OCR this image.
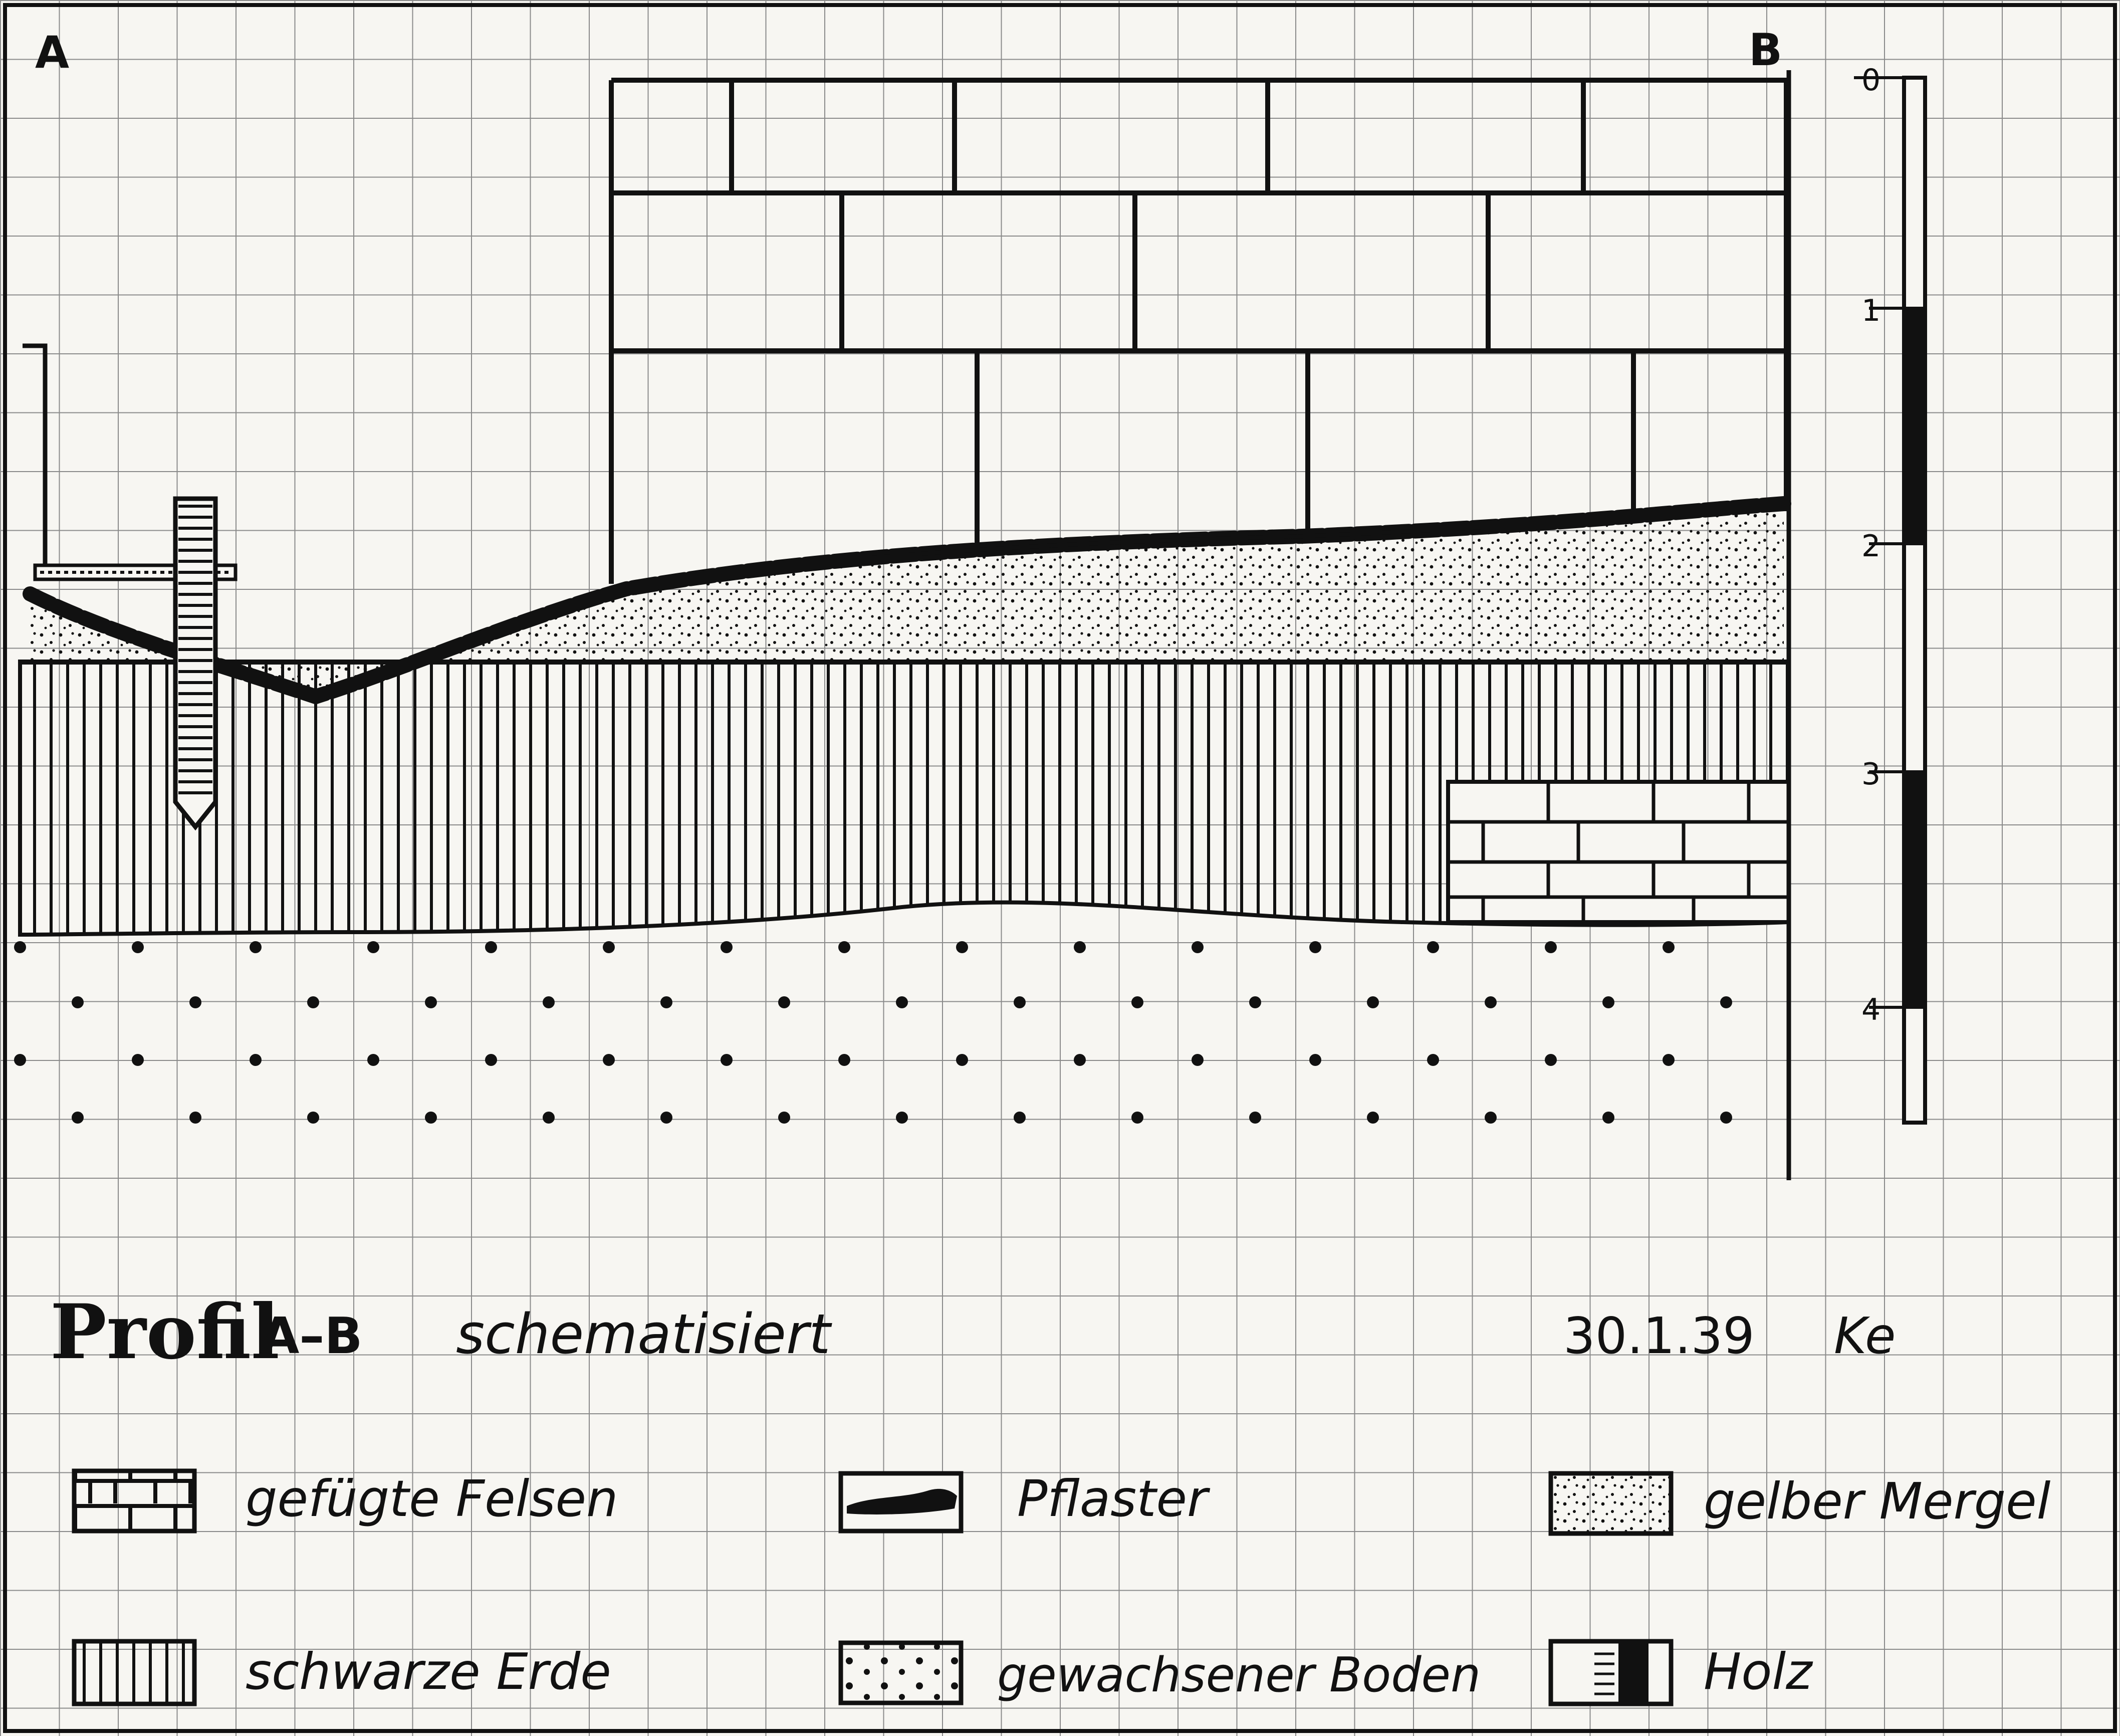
A	B
0
1
2
3
4
Profil
A–B schematisiert	30.1.39 Ke
gefügte Felsen	Pflaster	gelber Mergel
schwarze Erde	gewachsener Boden	Holz
